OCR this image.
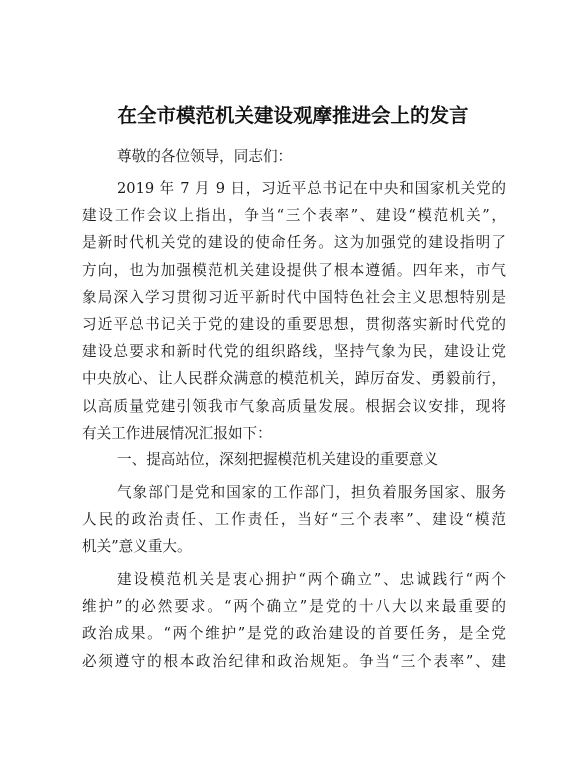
在全市模范机关建设观摩推进会上的发言
尊敬的各位领导，同志们：
2019 年 7 月 9 日，习近平总书记在中央和国家机关党的
建设工作会议上指出，争当“三个表率”、建设“模范机关”，
是新时代机关党的建设的使命任务。这为加强党的建设指明了
方向，也为加强模范机关建设提供了根本遵循。四年来，市气
象局深入学习贯彻习近平新时代中国特色社会主义思想特别是
习近平总书记关于党的建设的重要思想，贯彻落实新时代党的
建设总要求和新时代党的组织路线，坚持气象为民，建设让党
中央放心、让人民群众满意的模范机关，踔厉奋发、勇毅前行，
以高质量党建引领我市气象高质量发展。根据会议安排，现将
有关工作进展情况汇报如下：
一、提高站位，深刻把握模范机关建设的重要意义
气象部门是党和国家的工作部门，担负着服务国家、服务
人民的政治责任、工作责任，当好“三个表率”、建设“模范
机关”意义重大。
建设模范机关是衷心拥护“两个确立”、忠诚践行“两个
维护”的必然要求。“两个确立”是党的十八大以来最重要的
政治成果。“两个维护”是党的政治建设的首要任务，是全党
必须遵守的根本政治纪律和政治规矩。争当“三个表率”、建
